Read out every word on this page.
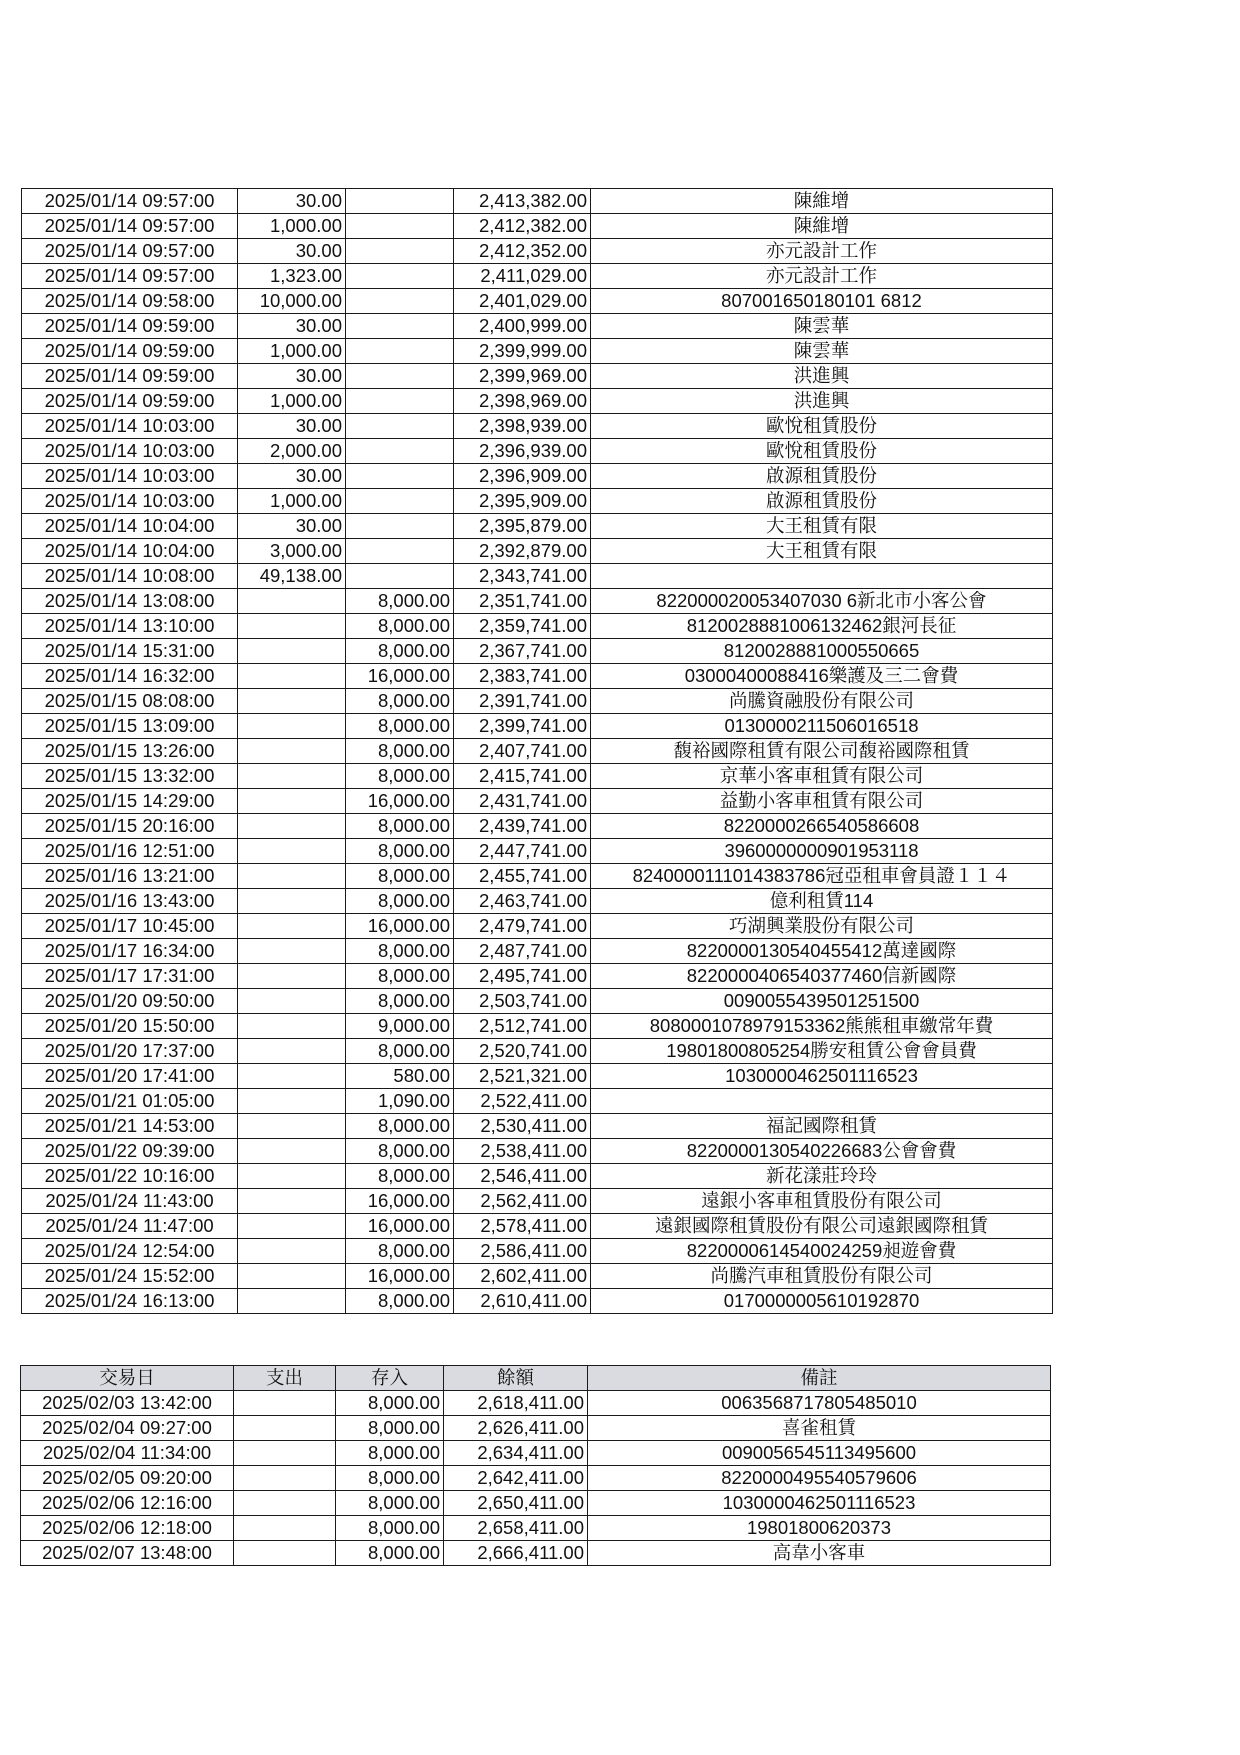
2025/01/14 09:57:00	30.00		2,413,382.00	陳維增
2025/01/14 09:57:00	1,000.00		2,412,382.00	陳維增
2025/01/14 09:57:00	30.00		2,412,352.00	亦元設計工作
2025/01/14 09:57:00	1,323.00		2,411,029.00	亦元設計工作
2025/01/14 09:58:00	10,000.00		2,401,029.00	807001650180101 6812
2025/01/14 09:59:00	30.00		2,400,999.00	陳雲華
2025/01/14 09:59:00	1,000.00		2,399,999.00	陳雲華
2025/01/14 09:59:00	30.00		2,399,969.00	洪進興
2025/01/14 09:59:00	1,000.00		2,398,969.00	洪進興
2025/01/14 10:03:00	30.00		2,398,939.00	歐悅租賃股份
2025/01/14 10:03:00	2,000.00		2,396,939.00	歐悅租賃股份
2025/01/14 10:03:00	30.00		2,396,909.00	啟源租賃股份
2025/01/14 10:03:00	1,000.00		2,395,909.00	啟源租賃股份
2025/01/14 10:04:00	30.00		2,395,879.00	大王租賃有限
2025/01/14 10:04:00	3,000.00		2,392,879.00	大王租賃有限
2025/01/14 10:08:00	49,138.00		2,343,741.00	
2025/01/14 13:08:00		8,000.00	2,351,741.00	822000020053407030 6新北市小客公會
2025/01/14 13:10:00		8,000.00	2,359,741.00	8120028881006132462銀河長征
2025/01/14 15:31:00		8,000.00	2,367,741.00	8120028881000550665
2025/01/14 16:32:00		16,000.00	2,383,741.00	03000400088416樂護及三二會費
2025/01/15 08:08:00		8,000.00	2,391,741.00	尚騰資融股份有限公司
2025/01/15 13:09:00		8,000.00	2,399,741.00	0130000211506016518
2025/01/15 13:26:00		8,000.00	2,407,741.00	馥裕國際租賃有限公司馥裕國際租賃
2025/01/15 13:32:00		8,000.00	2,415,741.00	京華小客車租賃有限公司
2025/01/15 14:29:00		16,000.00	2,431,741.00	益勤小客車租賃有限公司
2025/01/15 20:16:00		8,000.00	2,439,741.00	8220000266540586608
2025/01/16 12:51:00		8,000.00	2,447,741.00	3960000000901953118
2025/01/16 13:21:00		8,000.00	2,455,741.00	8240000111014383786冠亞租車會員證１１４
2025/01/16 13:43:00		8,000.00	2,463,741.00	億利租賃114
2025/01/17 10:45:00		16,000.00	2,479,741.00	巧湖興業股份有限公司
2025/01/17 16:34:00		8,000.00	2,487,741.00	8220000130540455412萬達國際
2025/01/17 17:31:00		8,000.00	2,495,741.00	8220000406540377460信新國際
2025/01/20 09:50:00		8,000.00	2,503,741.00	0090055439501251500
2025/01/20 15:50:00		9,000.00	2,512,741.00	8080001078979153362熊熊租車繳常年費
2025/01/20 17:37:00		8,000.00	2,520,741.00	19801800805254勝安租賃公會會員費
2025/01/20 17:41:00		580.00	2,521,321.00	1030000462501116523
2025/01/21 01:05:00		1,090.00	2,522,411.00	
2025/01/21 14:53:00		8,000.00	2,530,411.00	福記國際租賃
2025/01/22 09:39:00		8,000.00	2,538,411.00	8220000130540226683公會會費
2025/01/22 10:16:00		8,000.00	2,546,411.00	新花漾莊玲玲
2025/01/24 11:43:00		16,000.00	2,562,411.00	遠銀小客車租賃股份有限公司
2025/01/24 11:47:00		16,000.00	2,578,411.00	遠銀國際租賃股份有限公司遠銀國際租賃
2025/01/24 12:54:00		8,000.00	2,586,411.00	8220000614540024259昶遊會費
2025/01/24 15:52:00		16,000.00	2,602,411.00	尚騰汽車租賃股份有限公司
2025/01/24 16:13:00		8,000.00	2,610,411.00	0170000005610192870
交易日	支出	存入	餘額	備註
2025/02/03 13:42:00		8,000.00	2,618,411.00	0063568717805485010
2025/02/04 09:27:00		8,000.00	2,626,411.00	喜雀租賃
2025/02/04 11:34:00		8,000.00	2,634,411.00	0090056545113495600
2025/02/05 09:20:00		8,000.00	2,642,411.00	8220000495540579606
2025/02/06 12:16:00		8,000.00	2,650,411.00	1030000462501116523
2025/02/06 12:18:00		8,000.00	2,658,411.00	19801800620373
2025/02/07 13:48:00		8,000.00	2,666,411.00	高韋小客車
